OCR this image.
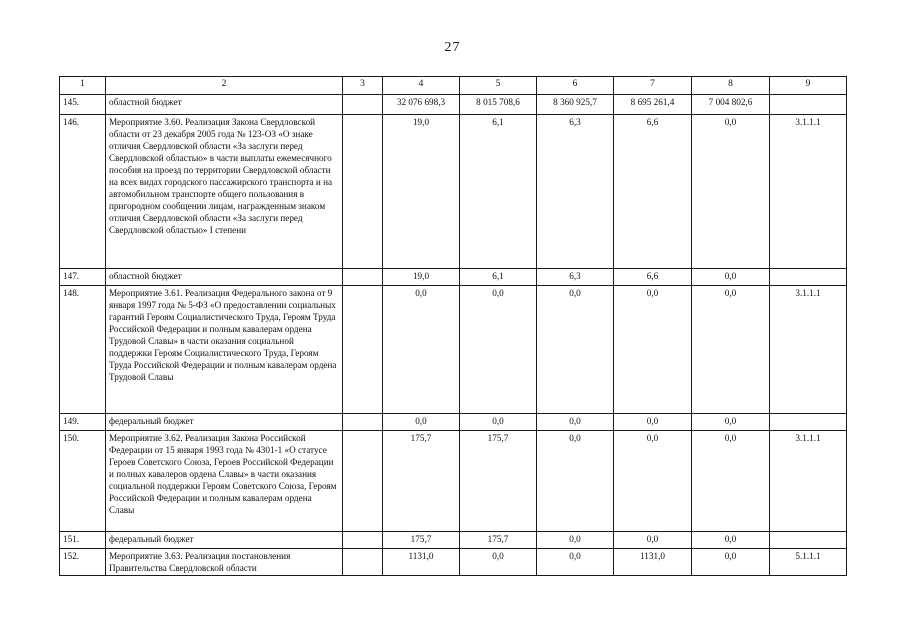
27
1	2	3	4	5	6	7	8	9
145.	областной бюджет		32 076 698,3	8 015 708,6	8 360 925,7	8 695 261,4	7 004 802,6	
146.	Мероприятие 3.60. Реализация Закона Свердловской области от 23 декабря 2005 года № 123-ОЗ «О знаке отличия Свердловской области «За заслуги перед Свердловской областью» в части выплаты ежемесячного пособия на проезд по территории Свердловской области на всех видах городского пассажирского транспорта и на автомобильном транспорте общего пользования в пригородном сообщении лицам, награжденным знаком отличия Свердловской области «За заслуги перед Свердловской областью» I степени		19,0	6,1	6,3	6,6	0,0	3.1.1.1
147.	областной бюджет		19,0	6,1	6,3	6,6	0,0	
148.	Мероприятие 3.61. Реализация Федерального закона от 9 января 1997 года № 5-ФЗ «О предоставлении социальных гарантий Героям Социалистического Труда, Героям Труда Российской Федерации и полным кавалерам ордена Трудовой Славы» в части оказания социальной поддержки Героям Социалистического Труда, Героям Труда Российской Федерации и полным кавалерам ордена Трудовой Славы		0,0	0,0	0,0	0,0	0,0	3.1.1.1
149.	федеральный бюджет		0,0	0,0	0,0	0,0	0,0	
150.	Мероприятие 3.62. Реализация Закона Российской Федерации от 15 января 1993 года № 4301-1 «О статусе Героев Советского Союза, Героев Российской Федерации и полных кавалеров ордена Славы» в части оказания социальной поддержки Героям Советского Союза, Героям Российской Федерации и полным кавалерам ордена Славы		175,7	175,7	0,0	0,0	0,0	3.1.1.1
151.	федеральный бюджет		175,7	175,7	0,0	0,0	0,0	
152.	Мероприятие 3.63. Реализация постановления Правительства Свердловской области		1131,0	0,0	0,0	1131,0	0,0	5.1.1.1
